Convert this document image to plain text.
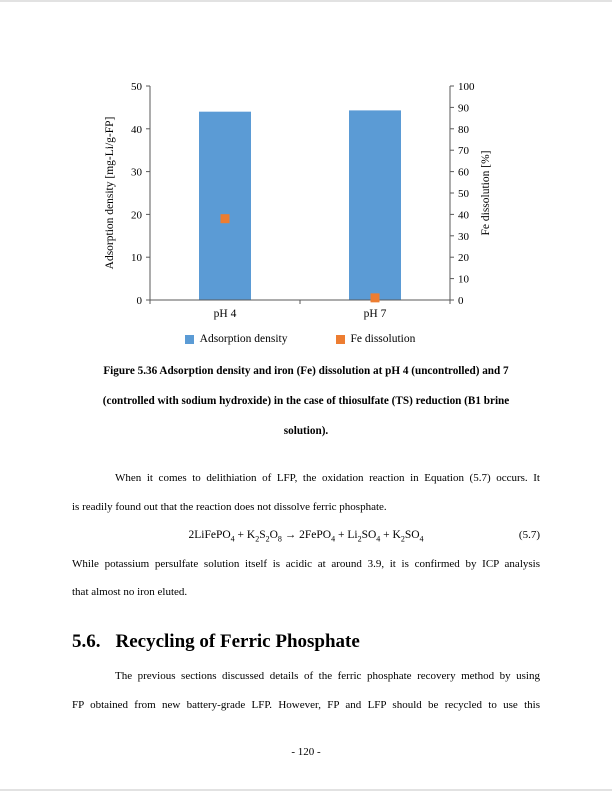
0
10
20
30
40
50
0
10
20
30
40
50
60
70
80
90
100
pH 4	pH 7
Adsorption density [mg-Li/g-FP]	Fe dissolution [%]
Adsorption density	Fe dissolution
Figure 5.36 Adsorption density and iron (Fe) dissolution at pH 4 (uncontrolled) and 7
(controlled with sodium hydroxide) in the case of thiosulfate (TS) reduction (B1 brine
solution).
When it comes to delithiation of LFP, the oxidation reaction in Equation (5.7) occurs. It
is readily found out that the reaction does not dissolve ferric phosphate.
2LiFePO$_4$ + $K_2S_2O_8$ → 2FePO$_4$ + $Li_2SO_4 + K_2SO_4$	(5.7)
While potassium persulfate solution itself is acidic at around 3.9, it is confirmed by ICP analysis
that almost no iron eluted.
5.6. Recycling of Ferric Phosphate
The previous sections discussed details of the ferric phosphate recovery method by using
FP obtained from new battery-grade LFP. However, FP and LFP should be recycled to use this
- 120 -
